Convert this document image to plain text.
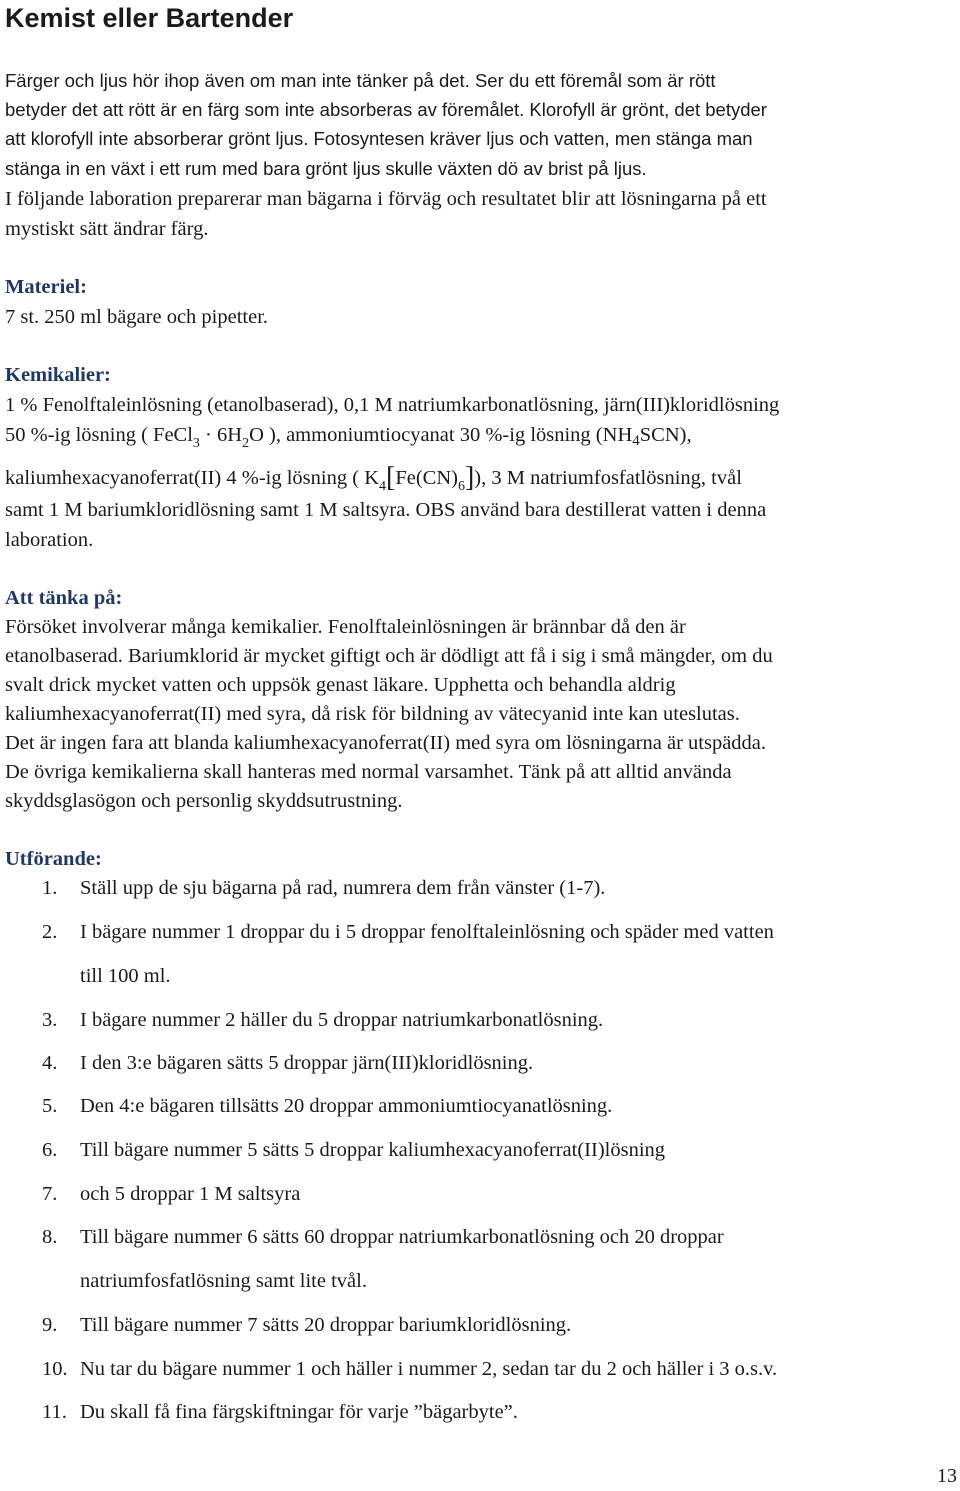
Kemist eller Bartender

Färger och ljus hör ihop även om man inte tänker på det. Ser du ett föremål som är rött

betyder det att rött är en färg som inte absorberas av föremålet. Klorofyll är grönt, det betyder

att klorofyll inte absorberar grönt ljus. Fotosyntesen kräver ljus och vatten, men stänga man

stänga in en växt i ett rum med bara grönt ljus skulle växten dö av brist på ljus.

I följande laboration preparerar man bägarna i förväg och resultatet blir att lösningarna på ett

mystiskt sätt ändrar färg.

Materiel:

7 st. 250 ml bägare och pipetter.

Kemikalier:

1 % Fenolftaleinlösning (etanolbaserad), 0,1 M natriumkarbonatlösning, järn(III)kloridlösning

50 %-ig lösning ( FeCl$_3$ · $6H_2O$ ), ammoniumtiocyanat 30 %-ig lösning (NH4SCN),

kaliumhexacyanoferrat(II) 4 %-ig lösning ( $K_4[Fe(CN)_6]$), 3 M natriumfosfatlösning, tvål

samt 1 M bariumkloridlösning samt 1 M saltsyra. OBS använd bara destillerat vatten i denna

laboration.

Att tänka på:

Försöket involverar många kemikalier. Fenolftaleinlösningen är brännbar då den är

etanolbaserad. Bariumklorid är mycket giftigt och är dödligt att få i sig i små mängder, om du

svalt drick mycket vatten och uppsök genast läkare. Upphetta och behandla aldrig

kaliumhexacyanoferrat(II) med syra, då risk för bildning av vätecyanid inte kan uteslutas.

Det är ingen fara att blanda kaliumhexacyanoferrat(II) med syra om lösningarna är utspädda.

De övriga kemikalierna skall hanteras med normal varsamhet. Tänk på att alltid använda

skyddsglasögon och personlig skyddsutrustning.

Utförande:

1. Ställ upp de sju bägarna på rad, numrera dem från vänster (1-7).
2. I bägare nummer 1 droppar du i 5 droppar fenolftaleinlösning och späder med vatten
till 100 ml.
3. I bägare nummer 2 häller du 5 droppar natriumkarbonatlösning.
4. I den 3:e bägaren sätts 5 droppar järn(III)kloridlösning.
5. Den 4:e bägaren tillsätts 20 droppar ammoniumtiocyanatlösning.
6. Till bägare nummer 5 sätts 5 droppar kaliumhexacyanoferrat(II)lösning
7. och 5 droppar 1 M saltsyra
8. Till bägare nummer 6 sätts 60 droppar natriumkarbonatlösning och 20 droppar
natriumfosfatlösning samt lite tvål.
9. Till bägare nummer 7 sätts 20 droppar bariumkloridlösning.
10. Nu tar du bägare nummer 1 och häller i nummer 2, sedan tar du 2 och häller i 3 o.s.v.
11. Du skall få fina färgskiftningar för varje ”bägarbyte”.
13
